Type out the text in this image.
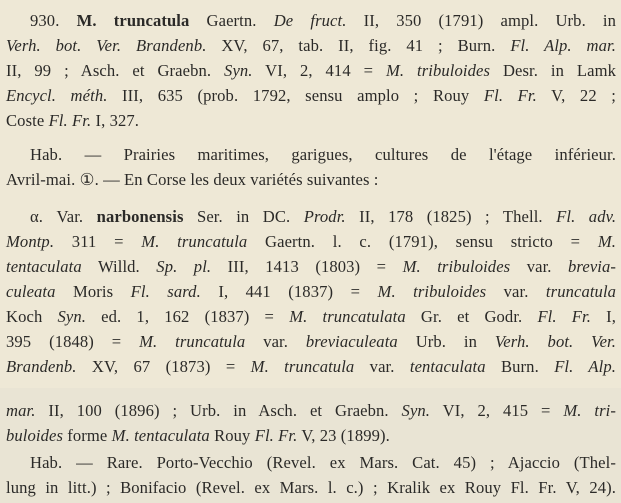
930. M. truncatula Gaertn. De fruct. II, 350 (1791) ampl. Urb. in
Verh. bot. Ver. Brandenb. XV, 67, tab. II, fig. 41 ; Burn. Fl. Alp. mar.
II, 99 ; Asch. et Graebn. Syn. VI, 2, 414 = M. tribuloides Desr. in Lamk
Encycl. méth. III, 635 (prob. 1792, sensu amplo ; Rouy Fl. Fr. V, 22 ;
Coste Fl. Fr. I, 327.
Hab. — Prairies maritimes, garigues, cultures de l'étage inférieur.
Avril-mai. ①. — En Corse les deux variétés suivantes :
α. Var. narbonensis Ser. in DC. Prodr. II, 178 (1825) ; Thell. Fl. adv.
Montp. 311 = M. truncatula Gaertn. l. c. (1791), sensu stricto = M.
tentaculata Willd. Sp. pl. III, 1413 (1803) = M. tribuloides var. brevia-
culeata Moris Fl. sard. I, 441 (1837) = M. tribuloides var. truncatula
Koch Syn. ed. 1, 162 (1837) = M. truncatulata Gr. et Godr. Fl. Fr. I,
395 (1848) = M. truncatula var. breviaculeata Urb. in Verh. bot. Ver.
Brandenb. XV, 67 (1873) = M. truncatula var. tentaculata Burn. Fl. Alp.
mar. II, 100 (1896) ; Urb. in Asch. et Graebn. Syn. VI, 2, 415 = M. tri-
buloides forme M. tentaculata Rouy Fl. Fr. V, 23 (1899).
Hab. — Rare. Porto-Vecchio (Revel. ex Mars. Cat. 45) ; Ajaccio (Thel-
lung in litt.) ; Bonifacio (Revel. ex Mars. l. c.) ; Kralik ex Rouy Fl. Fr. V, 24).
